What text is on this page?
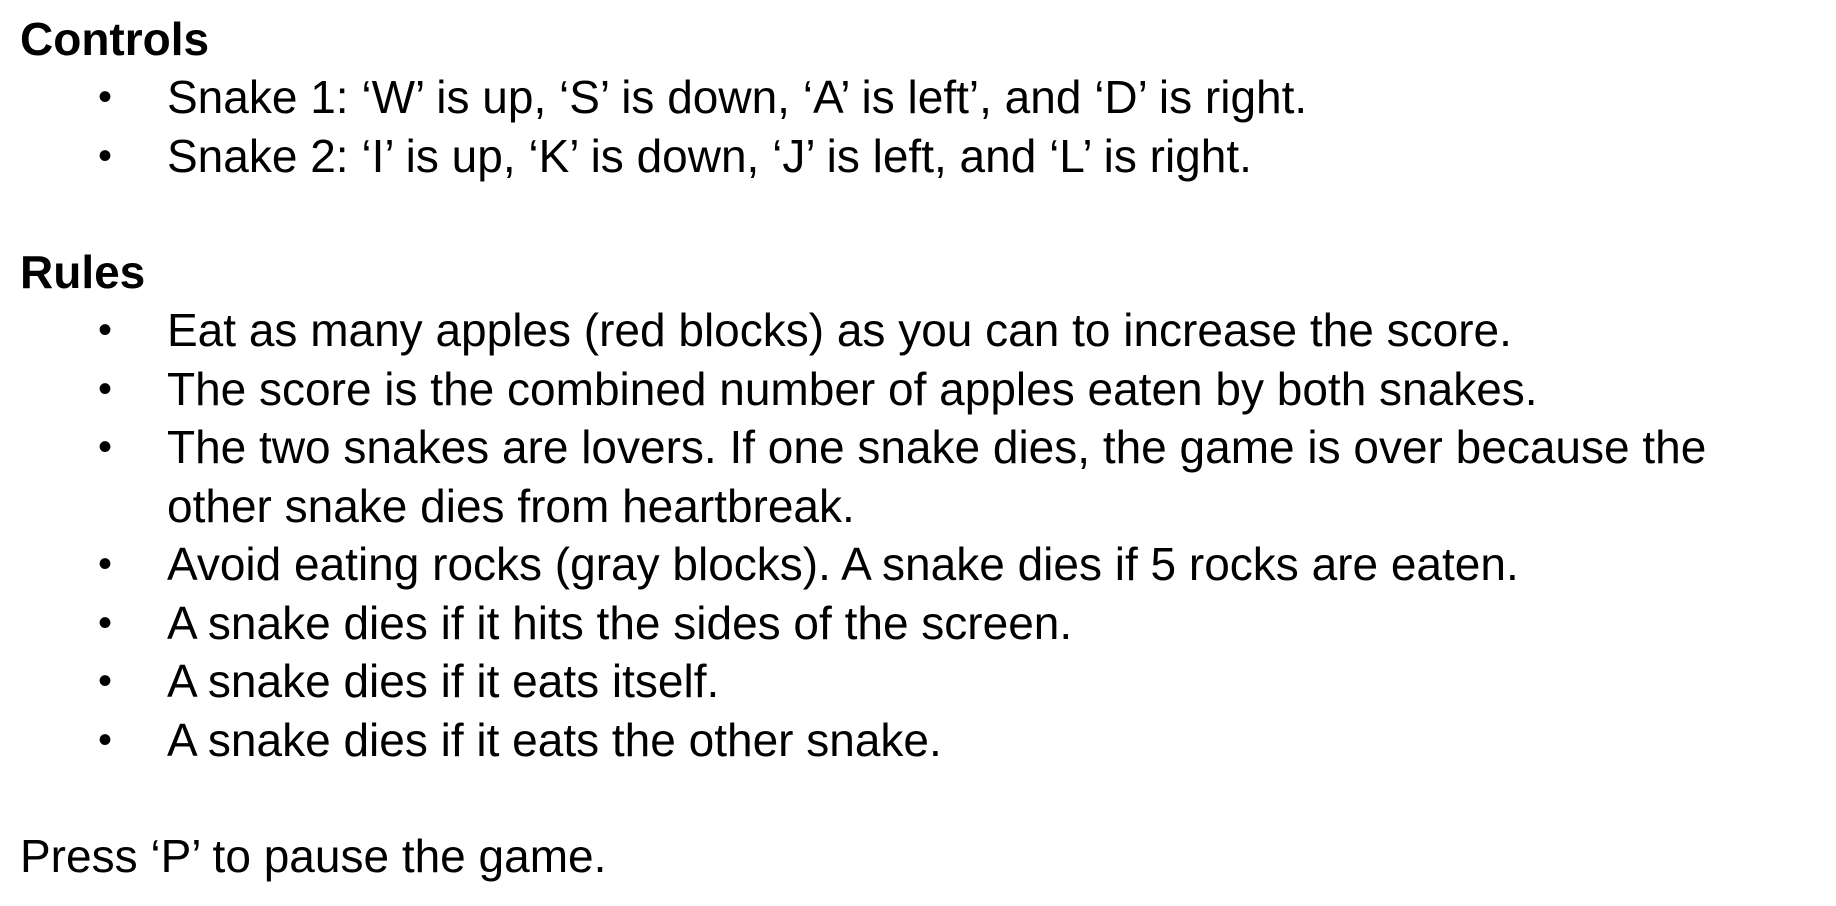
Controls
• Snake 1: ‘W’ is up, ‘S’ is down, ‘A’ is left’, and ‘D’ is right.
• Snake 2: ‘I’ is up, ‘K’ is down, ‘J’ is left, and ‘L’ is right.
Rules
• Eat as many apples (red blocks) as you can to increase the score.
• The score is the combined number of apples eaten by both snakes.
• The two snakes are lovers. If one snake dies, the game is over because the other snake dies from heartbreak.
• Avoid eating rocks (gray blocks). A snake dies if 5 rocks are eaten.
• A snake dies if it hits the sides of the screen.
• A snake dies if it eats itself.
• A snake dies if it eats the other snake.

Press ‘P’ to pause the game.
